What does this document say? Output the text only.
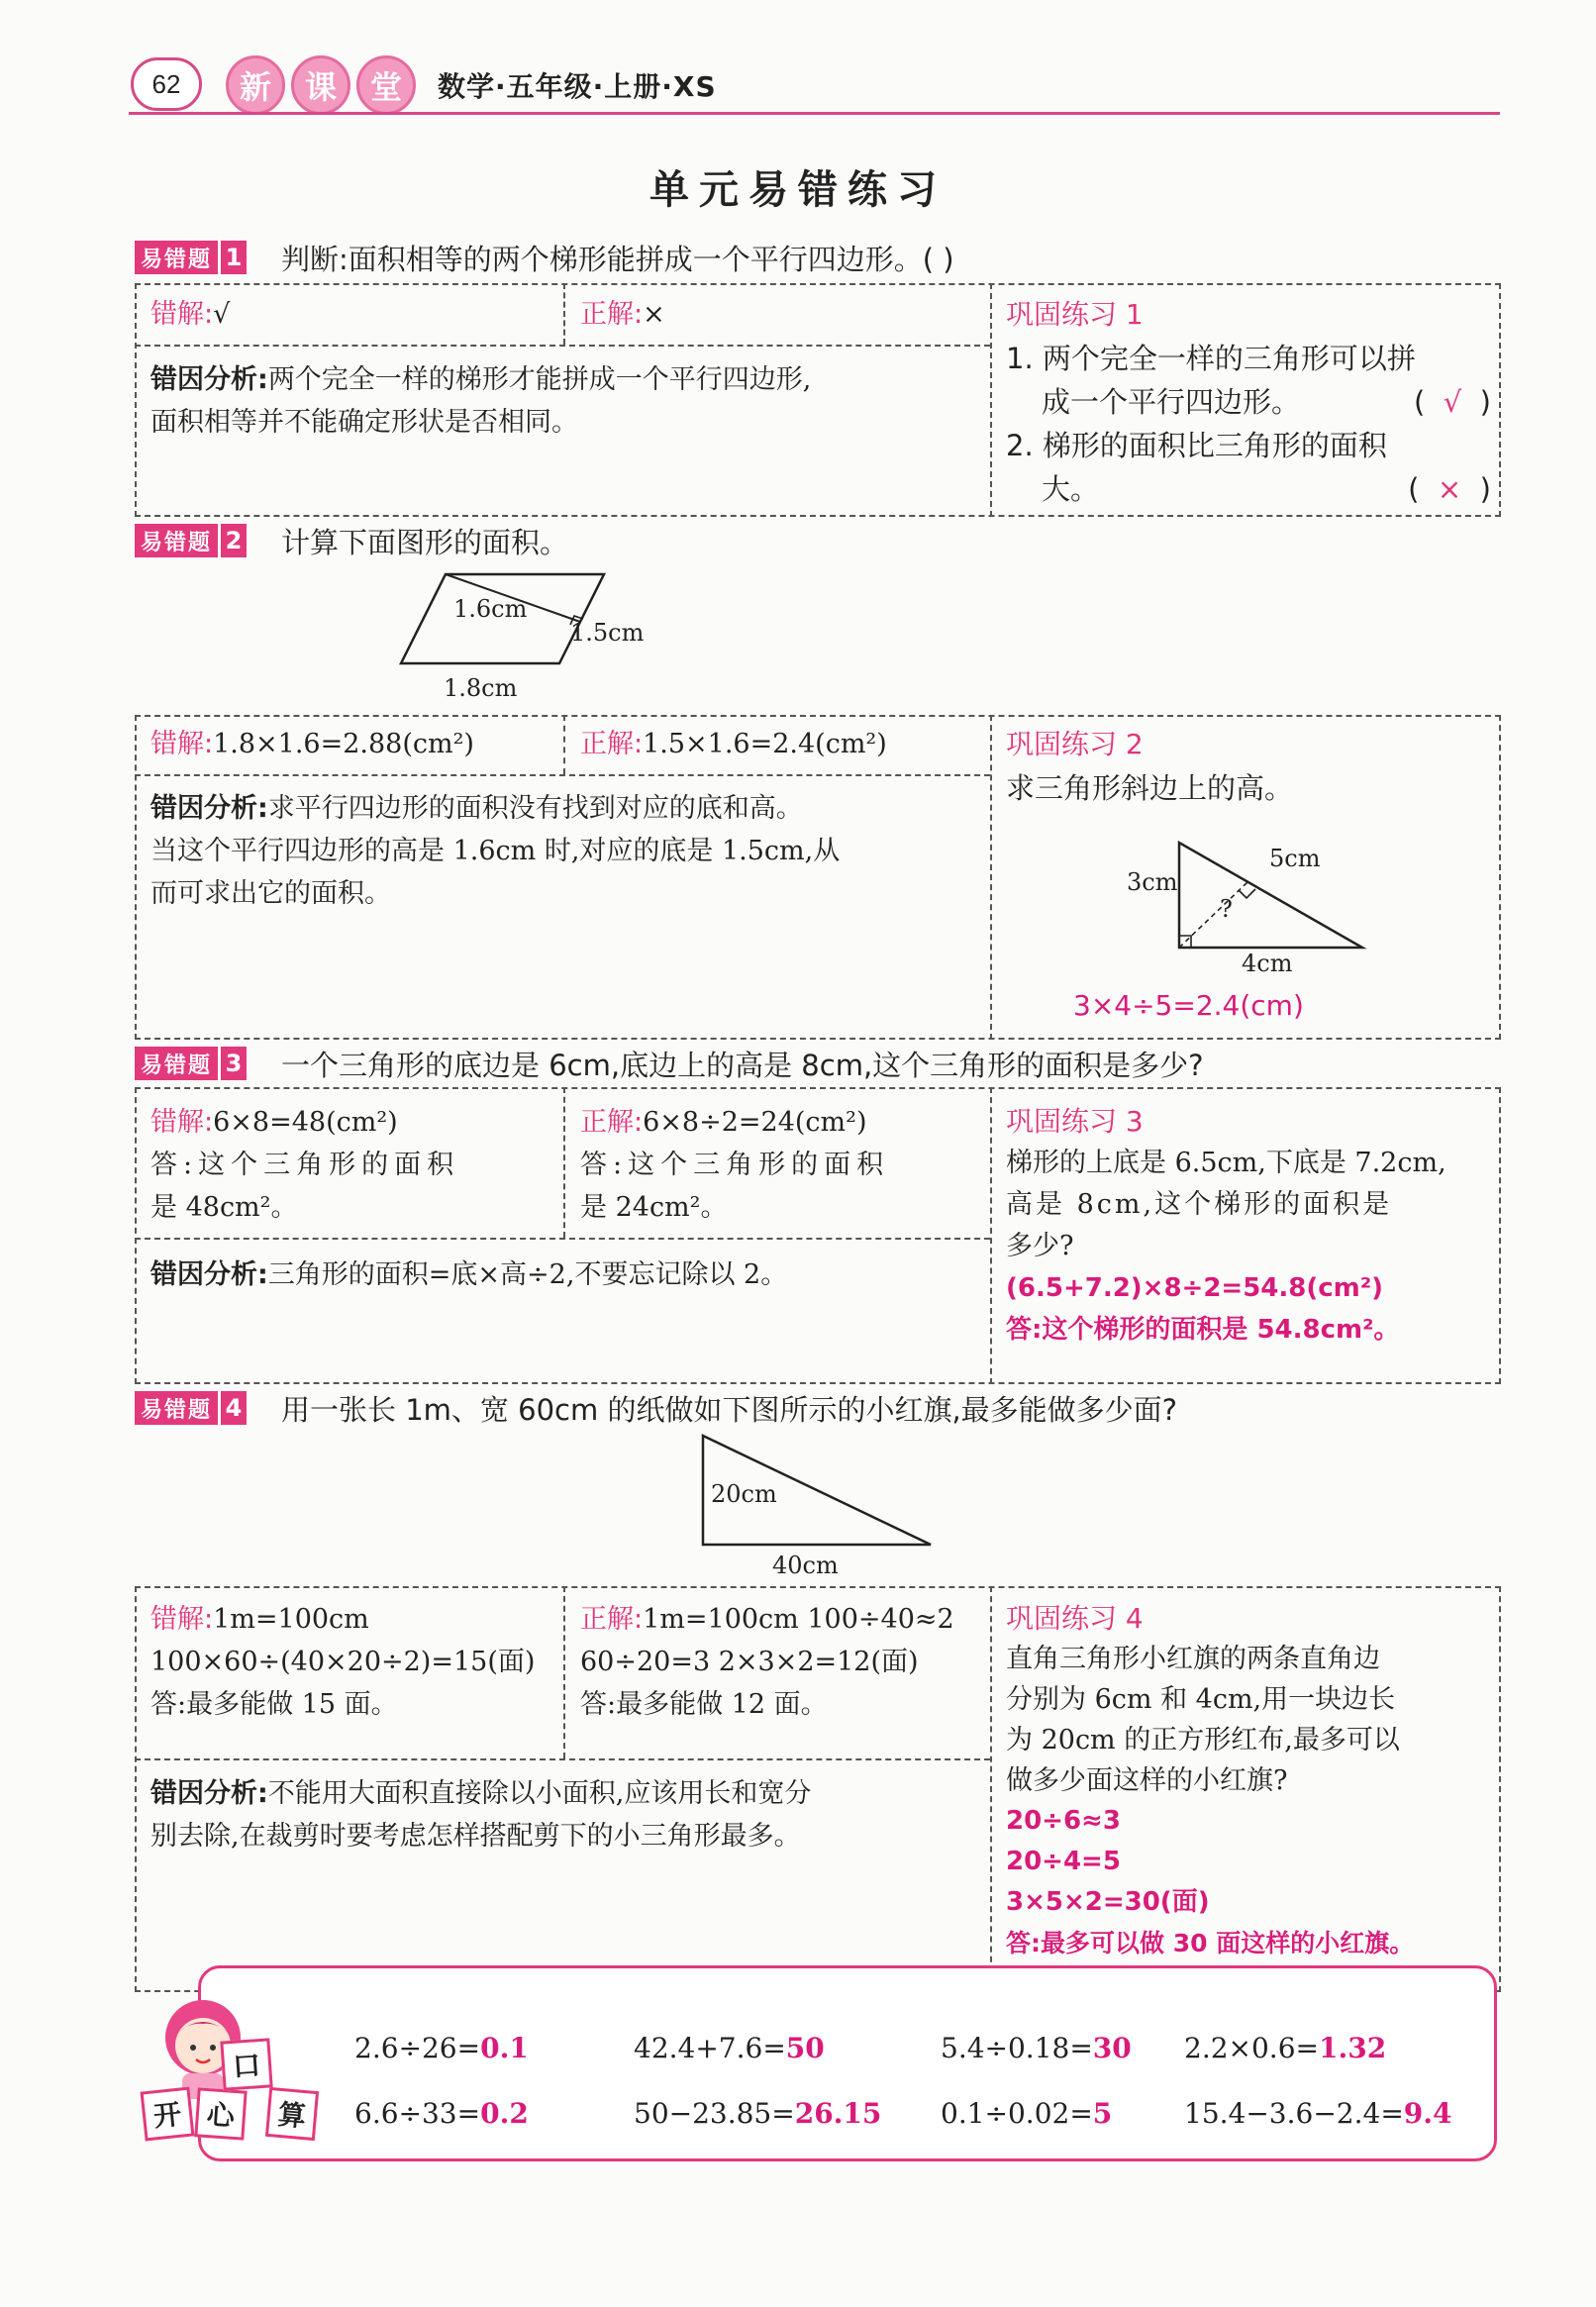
62	新	课	堂	数学·五年级·上册·XS
单元易错练习
易错题 1 判断:面积相等的两个梯形能拼成一个平行四边形。( )
错解:√	正解:×
错因分析:两个完全一样的梯形才能拼成一个平行四边形,
面积相等并不能确定形状是否相同。
巩固练习 1
1. 两个完全一样的三角形可以拼
成一个平行四边形。	(  √  )
2. 梯形的面积比三角形的面积
大。	(  ×  )
易错题 2 计算下面图形的面积。
1.6cm
1.5cm
1.8cm
错解:1.8×1.6=2.88(cm²)	正解:1.5×1.6=2.4(cm²)
错因分析:求平行四边形的面积没有找到对应的底和高。
当这个平行四边形的高是 1.6cm 时,对应的底是 1.5cm,从
而可求出它的面积。
巩固练习 2
求三角形斜边上的高。
3cm
5cm
?
4cm
3×4÷5=2.4(cm)
易错题 3 一个三角形的底边是 6cm,底边上的高是 8cm,这个三角形的面积是多少?
错解:6×8=48(cm²)
答:这个三角形的面积
是 48cm²。
正解:6×8÷2=24(cm²)
答:这个三角形的面积
是 24cm²。
错因分析:三角形的面积=底×高÷2,不要忘记除以 2。
巩固练习 3
梯形的上底是 6.5cm,下底是 7.2cm,
高是 8cm,这个梯形的面积是
多少?
(6.5+7.2)×8÷2=54.8(cm²)
答:这个梯形的面积是 54.8cm²。
易错题 4 用一张长 1m、宽 60cm 的纸做如下图所示的小红旗,最多能做多少面?
20cm
40cm
错解:1m=100cm
100×60÷(40×20÷2)=15(面)
答:最多能做 15 面。
正解:1m=100cm 100÷40≈2
60÷20=3 2×3×2=12(面)
答:最多能做 12 面。
错因分析:不能用大面积直接除以小面积,应该用长和宽分
别去除,在裁剪时要考虑怎样搭配剪下的小三角形最多。
巩固练习 4
直角三角形小红旗的两条直角边
分别为 6cm 和 4cm,用一块边长
为 20cm 的正方形红布,最多可以
做多少面这样的小红旗?
20÷6≈3
20÷4=5
3×5×2=30(面)
答:最多可以做 30 面这样的小红旗。
开 心
口
算
2.6÷26=0.1	42.4+7.6=50	5.4÷0.18=30 2.2×0.6=1.32
6.6÷33=0.2	50−23.85=26.15 0.1÷0.02=5	15.4−3.6−2.4=9.4
